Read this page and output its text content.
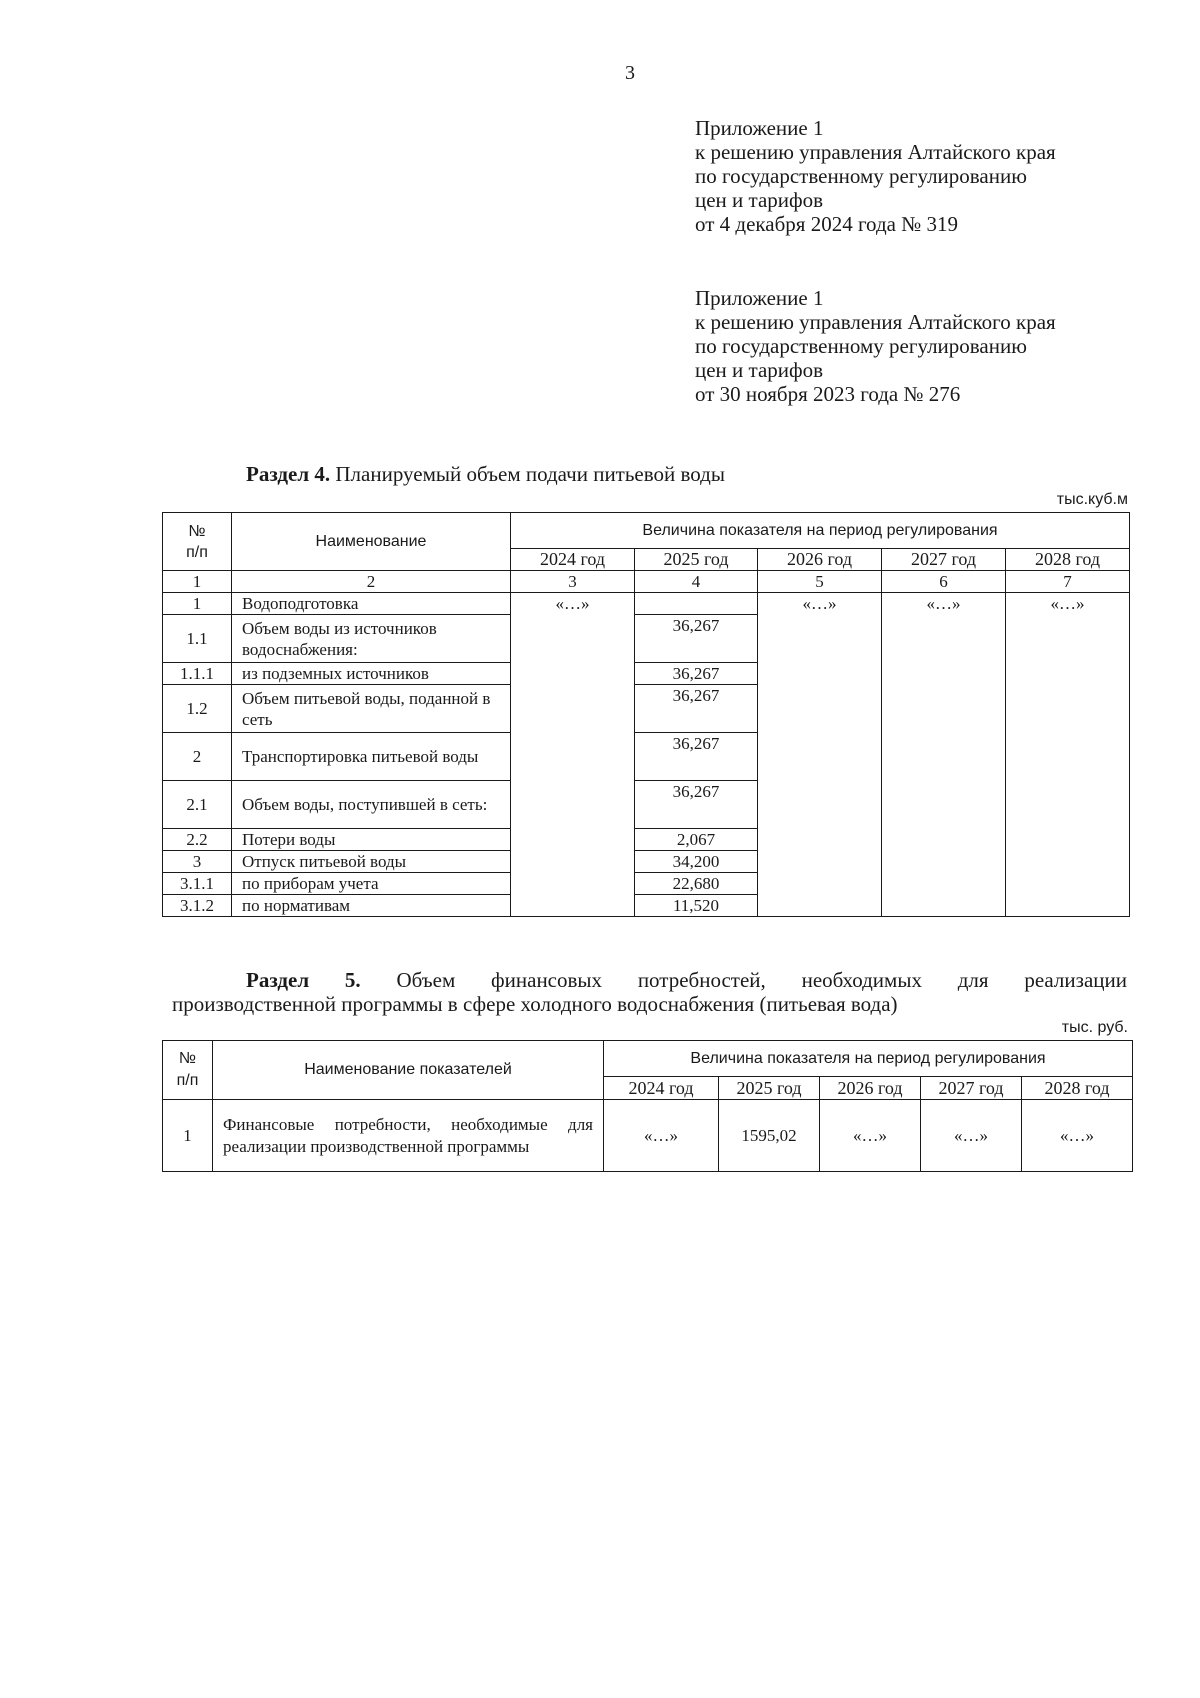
3
Приложение 1
к решению управления Алтайского края
по государственному регулированию
цен и тарифов
от 4 декабря 2024 года № 319
Приложение 1
к решению управления Алтайского края
по государственному регулированию
цен и тарифов
от 30 ноября 2023 года № 276
Раздел 4. Планируемый объем подачи питьевой воды
тыс.куб.м
№
п/п	Наименование	Величина показателя на период регулирования				
		2024 год	2025 год	2026 год	2027 год	2028 год
1	2	3	4	5	6	7
1	Водоподготовка	«…»		«…»	«…»	«…»
1.1	Объем воды из источников водоснабжения:		36,267			
1.1.1	из подземных источников		36,267			
1.2	Объем питьевой воды, поданной в сеть		36,267			
2	Транспортировка питьевой воды		36,267			
2.1	Объем воды, поступившей в сеть:		36,267			
2.2	Потери воды		2,067			
3	Отпуск питьевой воды		34,200			
3.1.1	по приборам учета		22,680			
3.1.2	по нормативам		11,520			
Раздел 5. Объем финансовых потребностей, необходимых для реализации
производственной программы в сфере холодного водоснабжения (питьевая вода)
тыс. руб.
№
п/п	Наименование показателей	Величина показателя на период регулирования				
		2024 год	2025 год	2026 год	2027 год	2028 год
1	Финансовые потребности, необходимые для реализации производственной программы	«…»	1595,02	«…»	«…»	«…»
